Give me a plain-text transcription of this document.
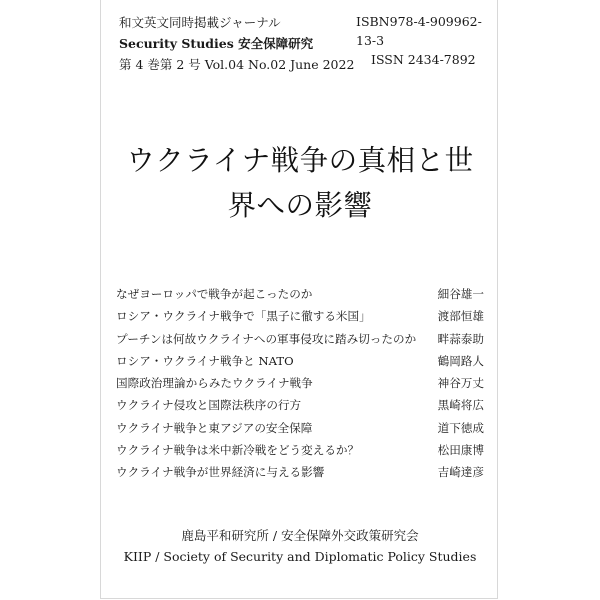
和文英文同時掲載ジャーナル
Security Studies 安全保障研究
第 4 巻第 2 号 Vol.04 No.02 June 2022
ISBN978-4-909962-13-3
ISSN 2434-7892
ウクライナ戦争の真相と世
界への影響
なぜヨーロッパで戦争が起こったのか	細谷雄一
ロシア・ウクライナ戦争で「黒子に徹する米国」	渡部恒雄
プーチンは何故ウクライナへの軍事侵攻に踏み切ったのか 畔蒜泰助
ロシア・ウクライナ戦争と NATO	鶴岡路人
国際政治理論からみたウクライナ戦争	神谷万丈
ウクライナ侵攻と国際法秩序の行方	黒崎将広
ウクライナ戦争と東アジアの安全保障	道下徳成
ウクライナ戦争は米中新冷戦をどう変えるか？	松田康博
ウクライナ戦争が世界経済に与える影響	吉崎達彦
鹿島平和研究所 / 安全保障外交政策研究会
KIIP / Society of Security and Diplomatic Policy Studies
